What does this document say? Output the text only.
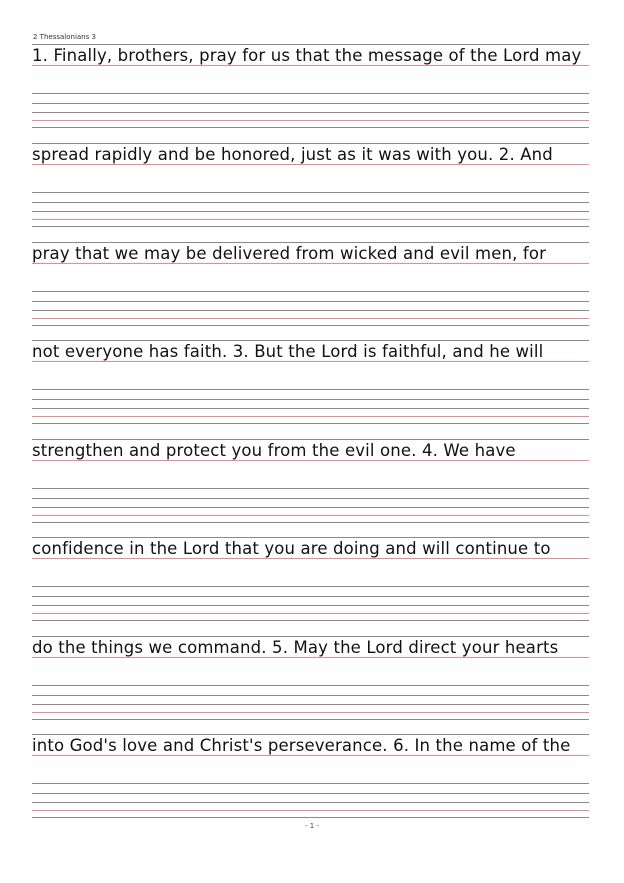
2 Thessalonians 3
1. Finally, brothers, pray for us that the message of the Lord may
spread rapidly and be honored, just as it was with you. 2. And
pray that we may be delivered from wicked and evil men, for
not everyone has faith. 3. But the Lord is faithful, and he will
strengthen and protect you from the evil one. 4. We have
confidence in the Lord that you are doing and will continue to
do the things we command. 5. May the Lord direct your hearts
into God's love and Christ's perseverance. 6. In the name of the
- 1 -
